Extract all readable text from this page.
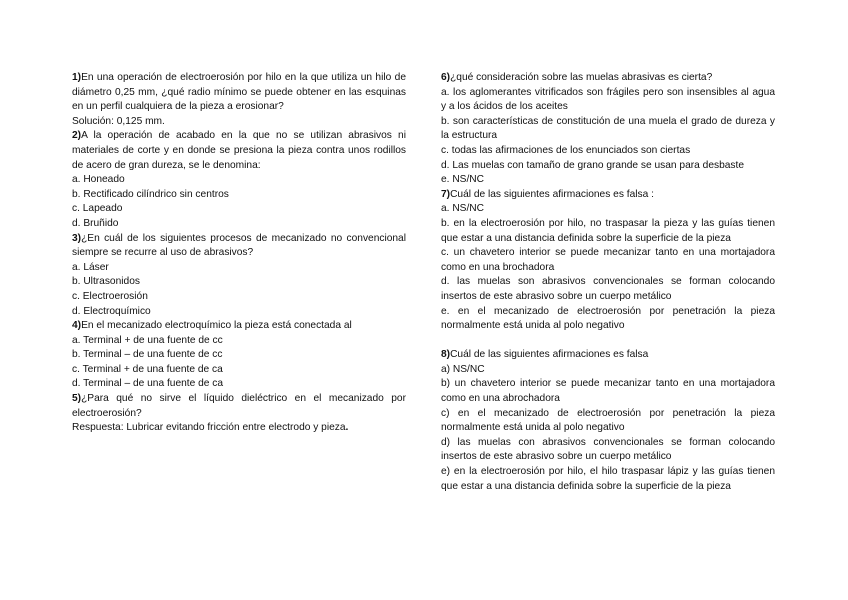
1)En una operación de electroerosión por hilo en la que utiliza un hilo de diámetro 0,25 mm, ¿qué radio mínimo se puede obtener en las esquinas en un perfil cualquiera de la pieza a erosionar?

Solución: 0,125 mm.

2)A la operación de acabado en la que no se utilizan abrasivos ni materiales de corte y en donde se presiona la pieza contra unos rodillos de acero de gran dureza, se le denomina:

a. Honeado

b. Rectificado cilíndrico sin centros

c. Lapeado

d. Bruñido

3)¿En cuál de los siguientes procesos de mecanizado no convencional siempre se recurre al uso de abrasivos?

a. Láser

b. Ultrasonidos

c. Electroerosión

d. Electroquímico

4)En el mecanizado electroquímico la pieza está conectada al

a. Terminal + de una fuente de cc

b. Terminal – de una fuente de cc

c. Terminal + de una fuente de ca

d. Terminal – de una fuente de ca

5)¿Para qué no sirve el líquido dieléctrico en el mecanizado por electroerosión?

Respuesta: Lubricar evitando fricción entre electrodo y pieza.

6)¿qué consideración sobre las muelas abrasivas es cierta?

a. los aglomerantes vitrificados son frágiles pero son insensibles al agua y a los ácidos de los aceites

b. son características de constitución de una muela el grado de dureza y la estructura

c. todas las afirmaciones de los enunciados son ciertas

d. Las muelas con tamaño de grano grande se usan para desbaste

e. NS/NC

7)Cuál de las siguientes afirmaciones es falsa :

a. NS/NC

b. en la electroerosión por hilo, no traspasar la pieza y las guías tienen que estar a una distancia definida sobre la superficie de la pieza

c. un chavetero interior se puede mecanizar tanto en una mortajadora como en una brochadora

d. las muelas son abrasivos convencionales se forman colocando insertos de este abrasivo sobre un cuerpo metálico

e. en el mecanizado de electroerosión por penetración la pieza normalmente está unida al polo negativo

8)Cuál de las siguientes afirmaciones es falsa

a) NS/NC

b) un chavetero interior se puede mecanizar tanto en una mortajadora como en una abrochadora

c) en el mecanizado de electroerosión por penetración la pieza normalmente está unida al polo negativo

d) las muelas con abrasivos convencionales se forman colocando insertos de este abrasivo sobre un cuerpo metálico

e) en la electroerosión por hilo, el hilo traspasar lápiz y las guías tienen que estar a una distancia definida sobre la superficie de la pieza
